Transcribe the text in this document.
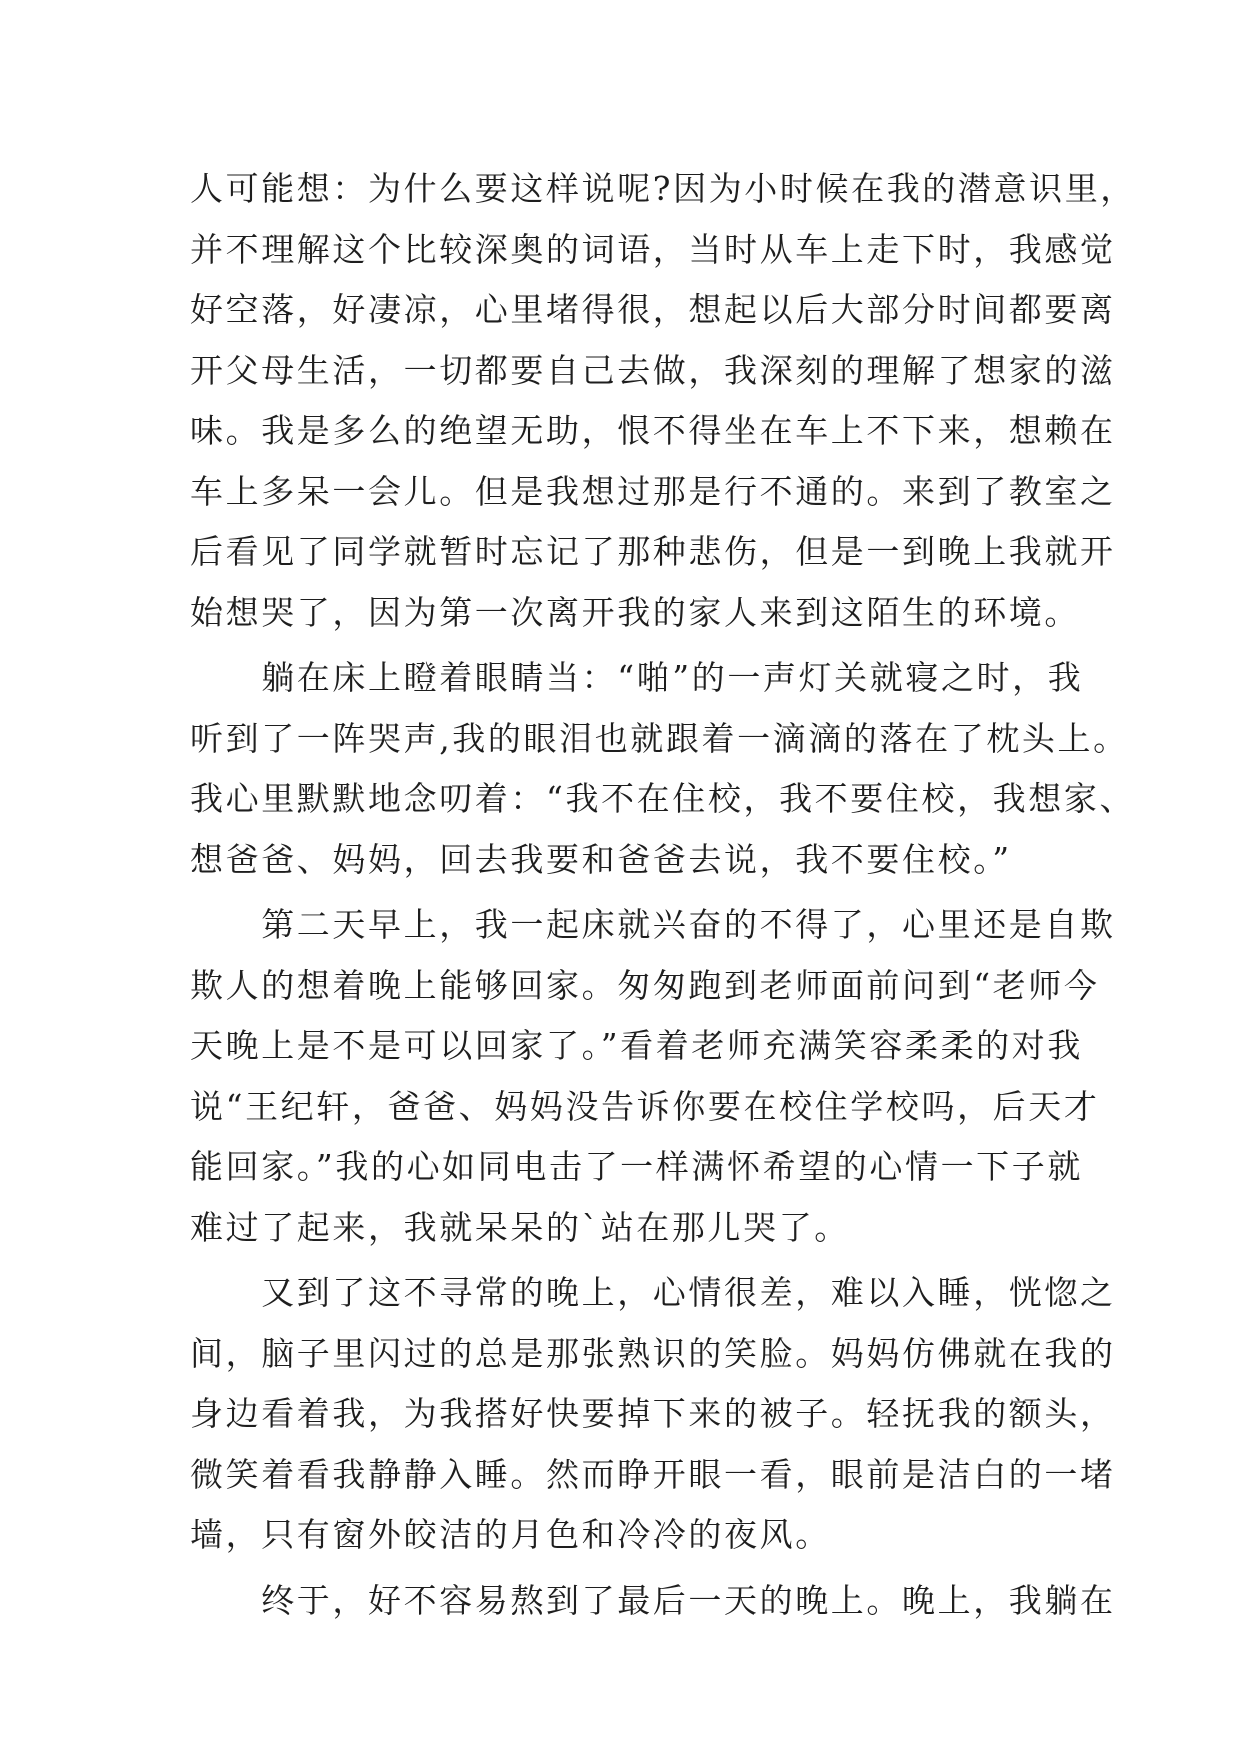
人可能想：为什么要这样说呢?因为小时候在我的潜意识里，
并不理解这个比较深奥的词语，当时从车上走下时，我感觉
好空落，好凄凉，心里堵得很，想起以后大部分时间都要离
开父母生活，一切都要自己去做，我深刻的理解了想家的滋
味。我是多么的绝望无助，恨不得坐在车上不下来，想赖在
车上多呆一会儿。但是我想过那是行不通的。来到了教室之
后看见了同学就暂时忘记了那种悲伤，但是一到晚上我就开
始想哭了，因为第一次离开我的家人来到这陌生的环境。
　　躺在床上瞪着眼睛当：“啪”的一声灯关就寝之时，我
听到了一阵哭声,我的眼泪也就跟着一滴滴的落在了枕头上。
我心里默默地念叨着：“我不在住校，我不要住校，我想家、
想爸爸、妈妈，回去我要和爸爸去说，我不要住校。”
　　第二天早上，我一起床就兴奋的不得了，心里还是自欺
欺人的想着晚上能够回家。匆匆跑到老师面前问到“老师今
天晚上是不是可以回家了。”看着老师充满笑容柔柔的对我
说“王纪轩，爸爸、妈妈没告诉你要在校住学校吗，后天才
能回家。”我的心如同电击了一样满怀希望的心情一下子就
难过了起来，我就呆呆的`站在那儿哭了。
　　又到了这不寻常的晚上，心情很差，难以入睡，恍惚之
间，脑子里闪过的总是那张熟识的笑脸。妈妈仿佛就在我的
身边看着我，为我搭好快要掉下来的被子。轻抚我的额头，
微笑着看我静静入睡。然而睁开眼一看，眼前是洁白的一堵
墙，只有窗外皎洁的月色和冷冷的夜风。
　　终于，好不容易熬到了最后一天的晚上。晚上，我躺在
